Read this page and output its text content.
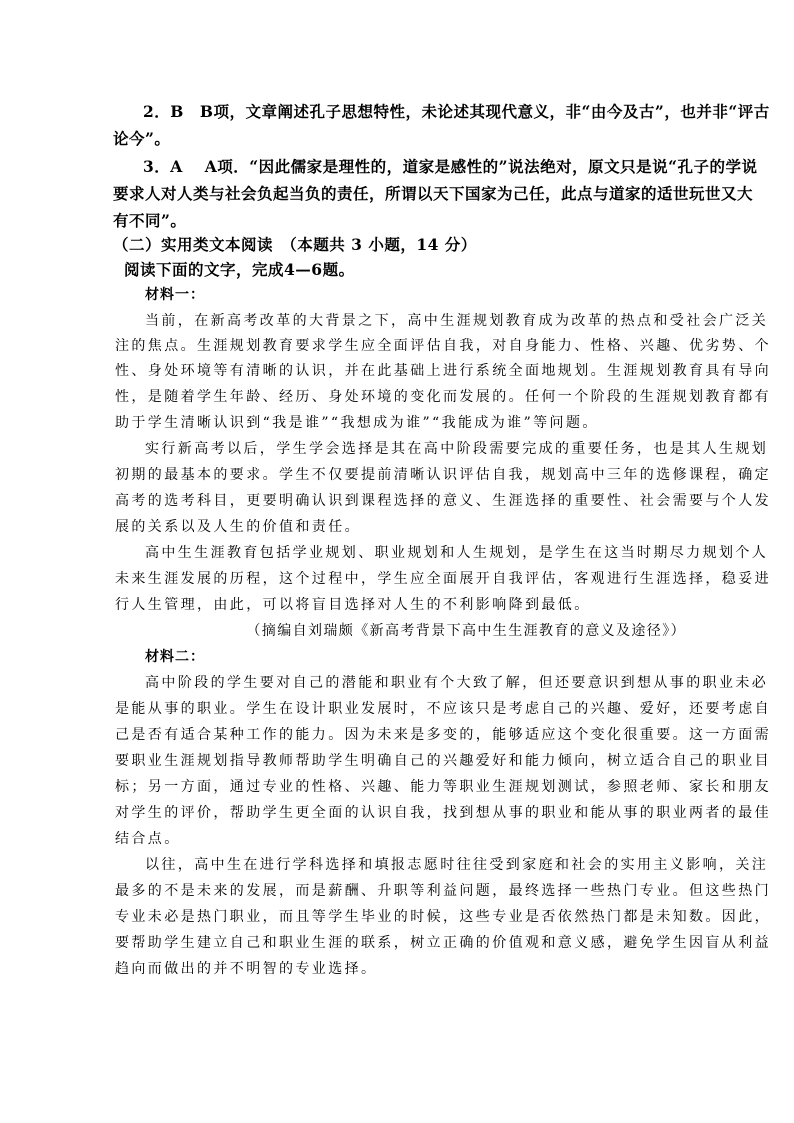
2．B　B项，文章阐述孔子思想特性，未论述其现代意义，非“由今及古”，也并非“评古
论今”。
3．A　 A项．“因此儒家是理性的，道家是感性的”说法绝对，原文只是说“孔子的学说
要求人对人类与社会负起当负的责任，所谓以天下国家为己任，此点与道家的适世玩世又大
有不同”。
（二）实用类文本阅读　（本题共 3 小题，14 分）
阅读下面的文字，完成4—6题。
材料一：
当前，在新高考改革的大背景之下，高中生涯规划教育成为改革的热点和受社会广泛关
注的焦点。生涯规划教育要求学生应全面评估自我，对自身能力、性格、兴趣、优劣势、个
性、身处环境等有清晰的认识，并在此基础上进行系统全面地规划。生涯规划教育具有导向
性，是随着学生年龄、经历、身处环境的变化而发展的。任何一个阶段的生涯规划教育都有
助于学生清晰认识到“我是谁”“我想成为谁”“我能成为谁”等问题。
实行新高考以后，学生学会选择是其在高中阶段需要完成的重要任务，也是其人生规划
初期的最基本的要求。学生不仅要提前清晰认识评估自我，规划高中三年的选修课程，确定
高考的选考科目，更要明确认识到课程选择的意义、生涯选择的重要性、社会需要与个人发
展的关系以及人生的价值和责任。
高中生生涯教育包括学业规划、职业规划和人生规划，是学生在这当时期尽力规划个人
未来生涯发展的历程，这个过程中，学生应全面展开自我评估，客观进行生涯选择，稳妥进
行人生管理，由此，可以将盲目选择对人生的不利影响降到最低。
（摘编自刘瑞颇《新高考背景下高中生生涯教育的意义及途径》）
材料二：
高中阶段的学生要对自己的潜能和职业有个大致了解，但还要意识到想从事的职业未必
是能从事的职业。学生在设计职业发展时，不应该只是考虑自己的兴趣、爱好，还要考虑自
己是否有适合某种工作的能力。因为未来是多变的，能够适应这个变化很重要。这一方面需
要职业生涯规划指导教师帮助学生明确自己的兴趣爱好和能力倾向，树立适合自己的职业目
标；另一方面，通过专业的性格、兴趣、能力等职业生涯规划测试，参照老师、家长和朋友
对学生的评价，帮助学生更全面的认识自我，找到想从事的职业和能从事的职业两者的最佳
结合点。
以往，高中生在进行学科选择和填报志愿时往往受到家庭和社会的实用主义影响，关注
最多的不是未来的发展，而是薪酬、升职等利益问题，最终选择一些热门专业。但这些热门
专业未必是热门职业，而且等学生毕业的时候，这些专业是否依然热门都是未知数。因此，
要帮助学生建立自己和职业生涯的联系，树立正确的价值观和意义感，避免学生因盲从利益
趋向而做出的并不明智的专业选择。
